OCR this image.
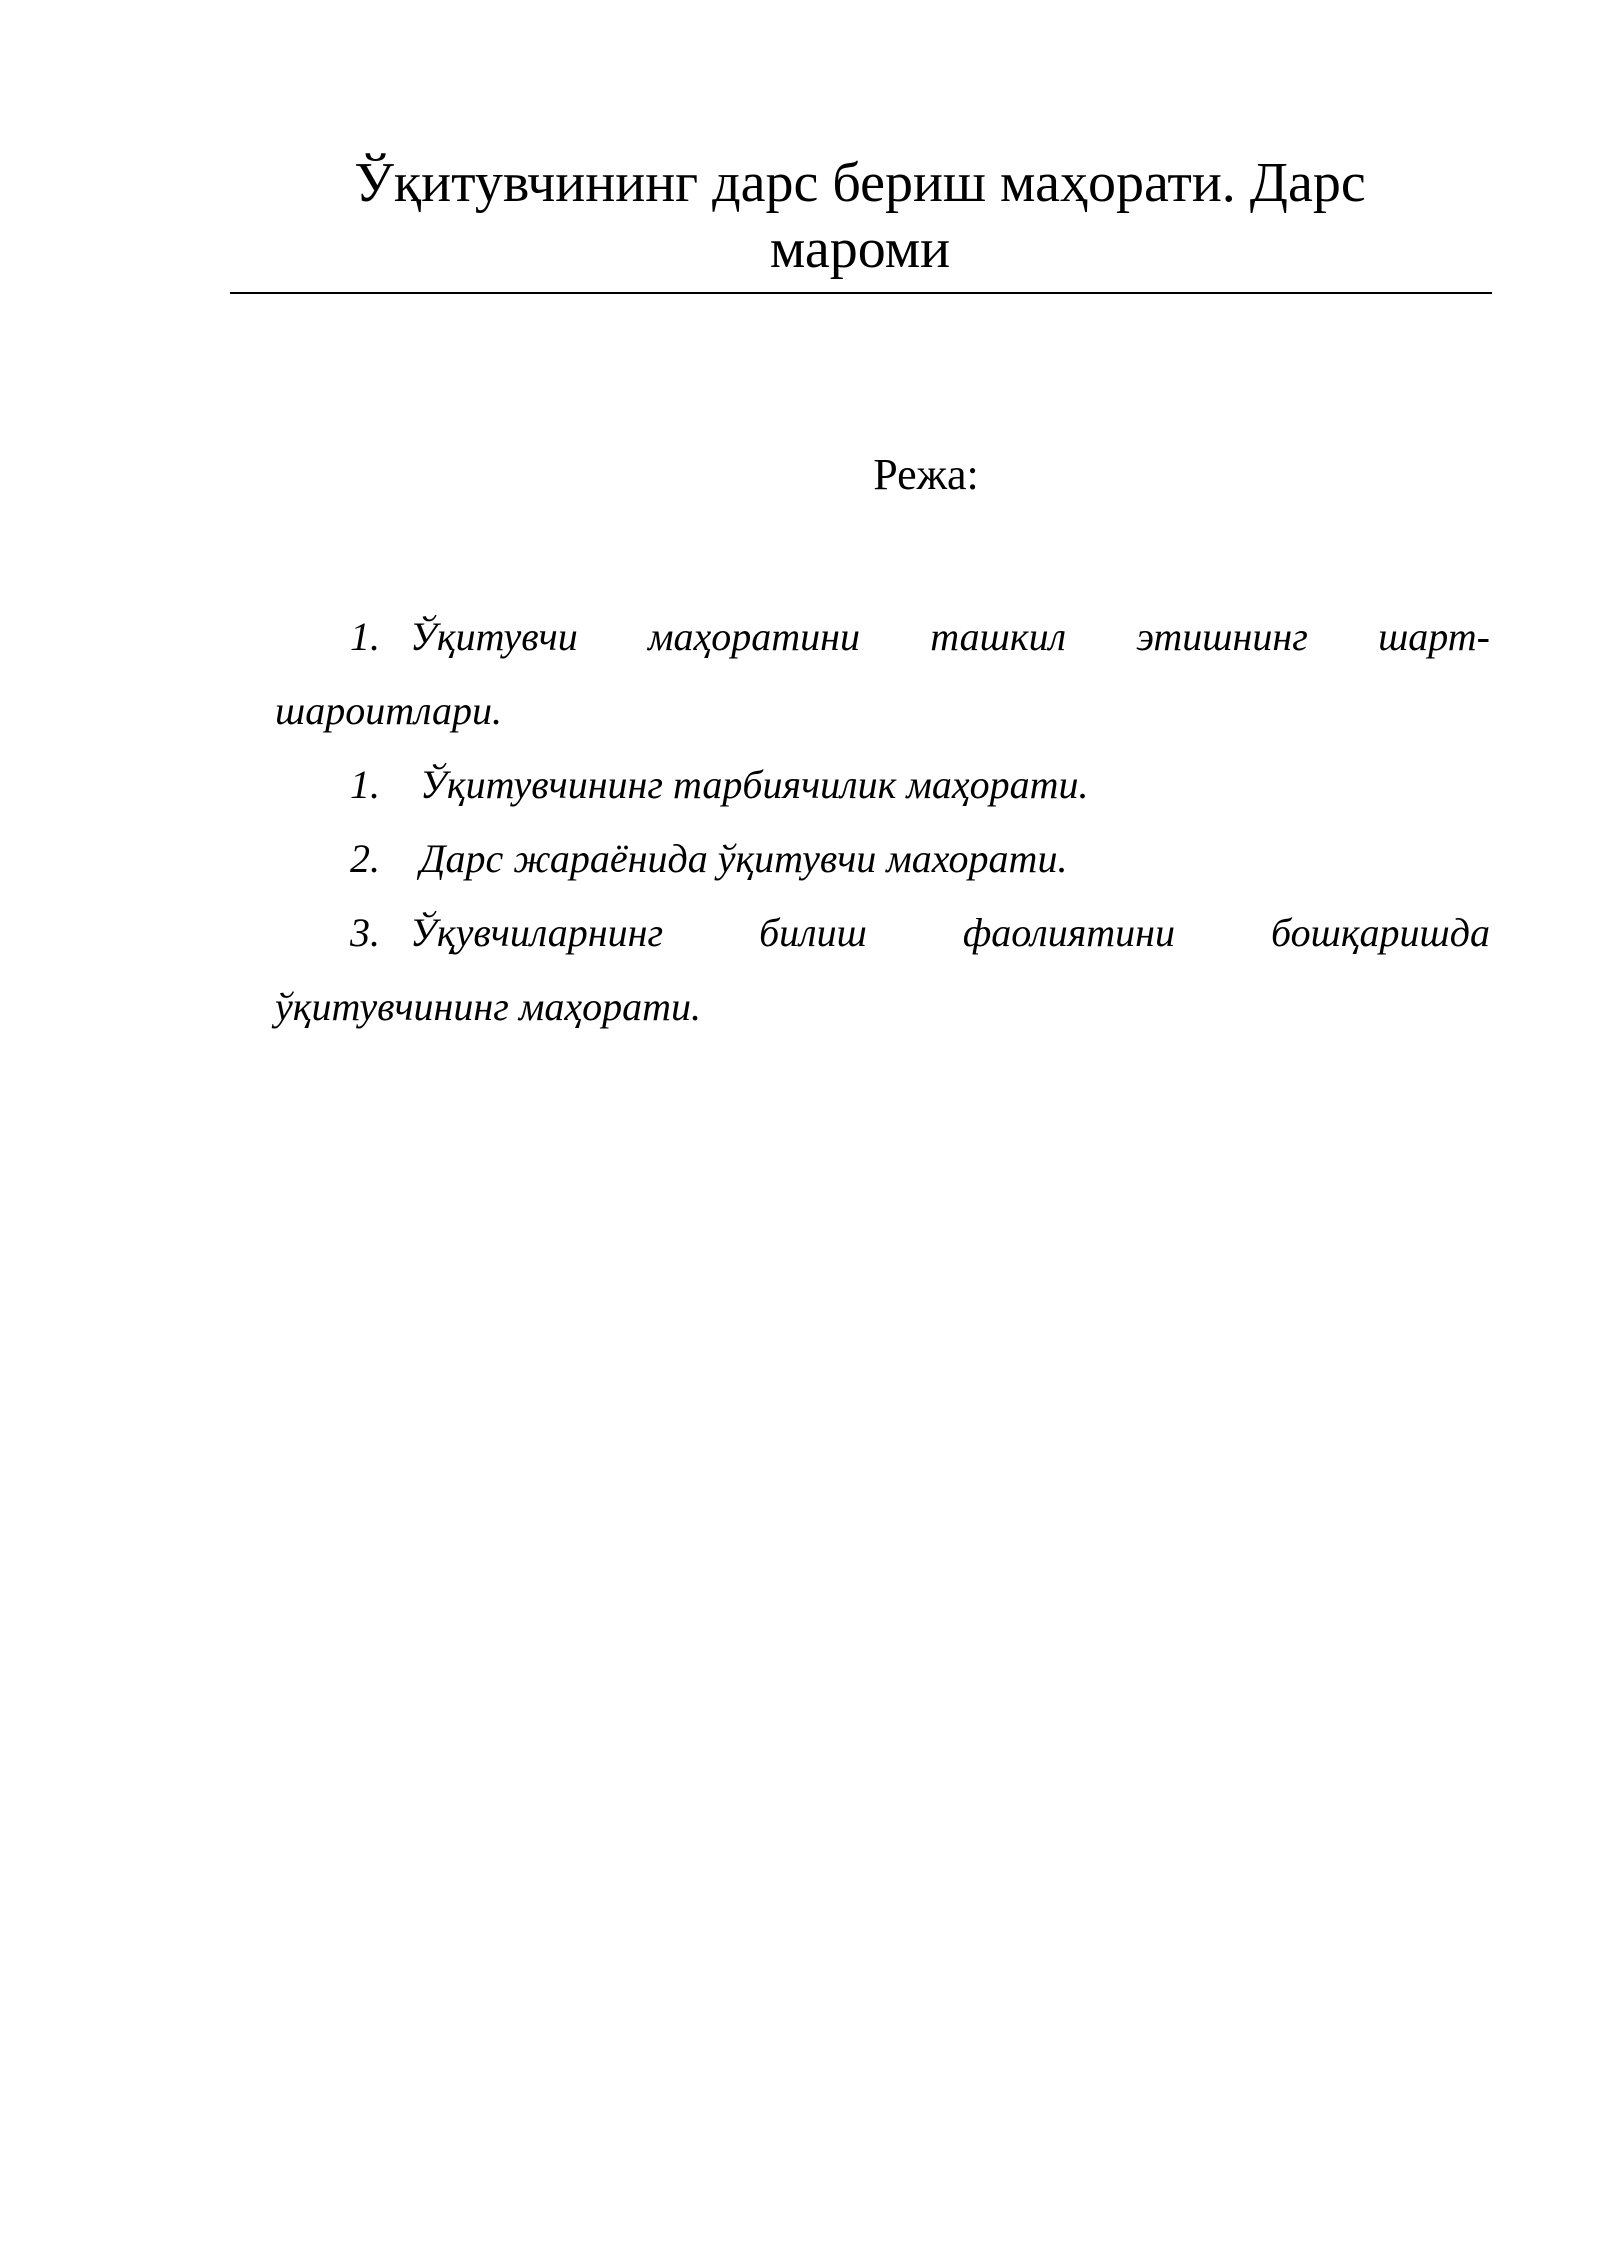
Ўқитувчининг дарс бериш маҳорати. Дарс
мароми
Режа:
1. Ўқитувчи маҳоратини ташкил этишнинг шарт-
шароитлари.
1. Ўқитувчининг тарбиячилик маҳорати.
2. Дарс жараёнида ўқитувчи махорати.
3. Ўқувчиларнинг билиш фаолиятини бошқаришда
ўқитувчининг маҳорати.
